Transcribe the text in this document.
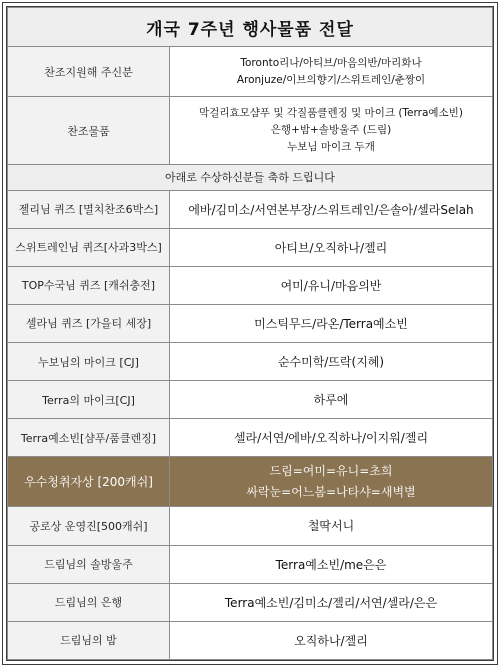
개국 7주년 행사물품 전달	
찬조지원해 주신분	Toronto리나/아티브/마음의반/마리화나
Aronjuze/이브의향기/스위트레인/춘짱이

찬조물품	막걸리효모샴푸 및 각질품클렌징 및 마이크 (Terra예소빈)
은행+밤+솔방울주 (드림)
누보님 마이크 두개

아래로 수상하신분들 축하 드립니다	
젤리님 퀴즈 [멸치찬조6박스]	에바/김미소/서연본부장/스위트레인/은솔아/셀라Selah
스위트레인님 퀴즈[사과3박스]	아티브/오직하나/젤리
TOP수국님 퀴즈 [캐쉬충전]	여미/유니/마음의반
셀라님 퀴즈 [가을티 세장]	미스틱무드/라온/Terra예소빈
누보님의 마이크 [CJ]	순수미학/뜨락(지혜)
Terra의 마이크[CJ]	하루에
Terra예소빈[샴푸/품클렌징]	셀라/서연/에바/오직하나/이지워/젤리
우수청취자상 [200캐쉬]	드림=여미=유니=초희
싸락눈=어느봄=나타샤=새벽별

공로상 운영진[500캐쉬]	철딱서니
드림님의 솔방울주	Terra예소빈/me은은
드림님의 은행	Terra예소빈/김미소/젤리/서연/셀라/은은
드림님의 밤	오직하나/젤리
